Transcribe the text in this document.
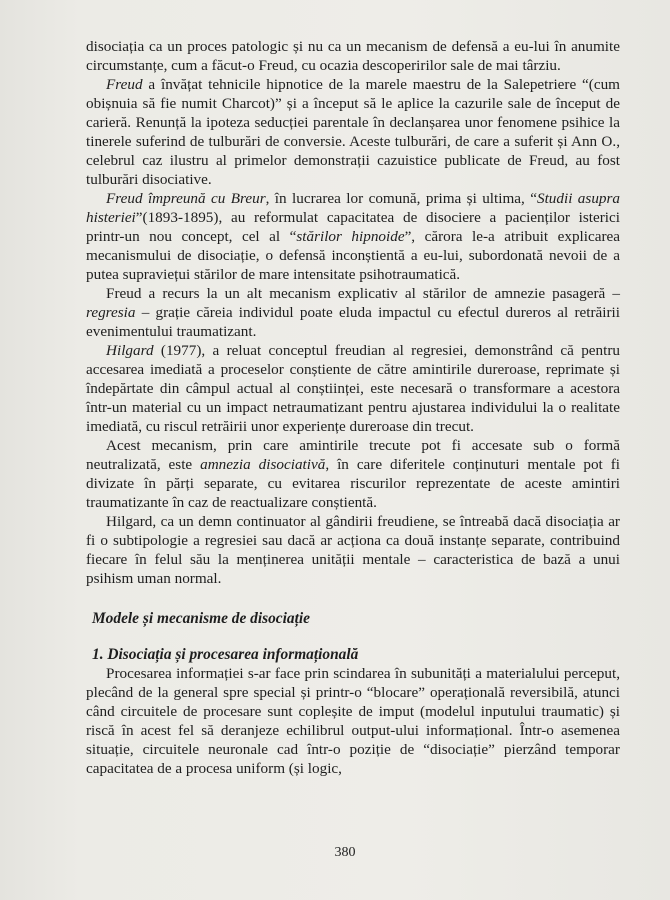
disociația ca un proces patologic și nu ca un mecanism de defensă a eu-lui în anumite circumstanțe, cum a făcut-o Freud, cu ocazia descoperirilor sale de mai târziu.

Freud a învățat tehnicile hipnotice de la marele maestru de la Salepetriere “(cum obișnuia să fie numit Charcot)” și a început să le aplice la cazurile sale de început de carieră. Renunță la ipoteza seducției parentale în declanșarea unor fenomene psihice la tinerele suferind de tulburări de conversie. Aceste tulburări, de care a suferit și Ann O., celebrul caz ilustru al primelor demonstrații cazuistice publicate de Freud, au fost tulburări disociative.

Freud împreună cu Breur, în lucrarea lor comună, prima și ultima, “Studii asupra histeriei”(1893-1895), au reformulat capacitatea de disociere a pacienților isterici printr-un nou concept, cel al “stărilor hipnoide”, cărora le-a atribuit explicarea mecanismului de disociație, o defensă inconștientă a eu-lui, subordonată nevoii de a putea supraviețui stărilor de mare intensitate psihotraumatică.

Freud a recurs la un alt mecanism explicativ al stărilor de amnezie pasageră – regresia – grație căreia individul poate eluda impactul cu efectul dureros al retrăirii evenimentului traumatizant.

Hilgard (1977), a reluat conceptul freudian al regresiei, demonstrând că pentru accesarea imediată a proceselor conștiente de către amintirile dureroase, reprimate și îndepărtate din câmpul actual al conștiinței, este necesară o transformare a acestora într-un material cu un impact netraumatizant pentru ajustarea individului la o realitate imediată, cu riscul retrăirii unor experiențe dureroase din trecut.

Acest mecanism, prin care amintirile trecute pot fi accesate sub o formă neutralizată, este amnezia disociativă, în care diferitele conținuturi mentale pot fi divizate în părți separate, cu evitarea riscurilor reprezentate de aceste amintiri traumatizante în caz de reactualizare conștientă.

Hilgard, ca un demn continuator al gândirii freudiene, se întreabă dacă disociația ar fi o subtipologie a regresiei sau dacă ar acționa ca două instanțe separate, contribuind fiecare în felul său la menținerea unității mentale – caracteristica de bază a unui psihism uman normal.

Modele și mecanisme de disociație
1. Disociația și procesarea informațională

Procesarea informației s-ar face prin scindarea în subunități a materialului perceput, plecând de la general spre special și printr-o “blocare” operațională reversibilă, atunci când circuitele de procesare sunt copleșite de imput (modelul inputului traumatic) și riscă în acest fel să deranjeze echilibrul output-ului informațional. Într-o asemenea situație, circuitele neuronale cad într-o poziție de “disociație” pierzând temporar capacitatea de a procesa uniform (și logic,

380
